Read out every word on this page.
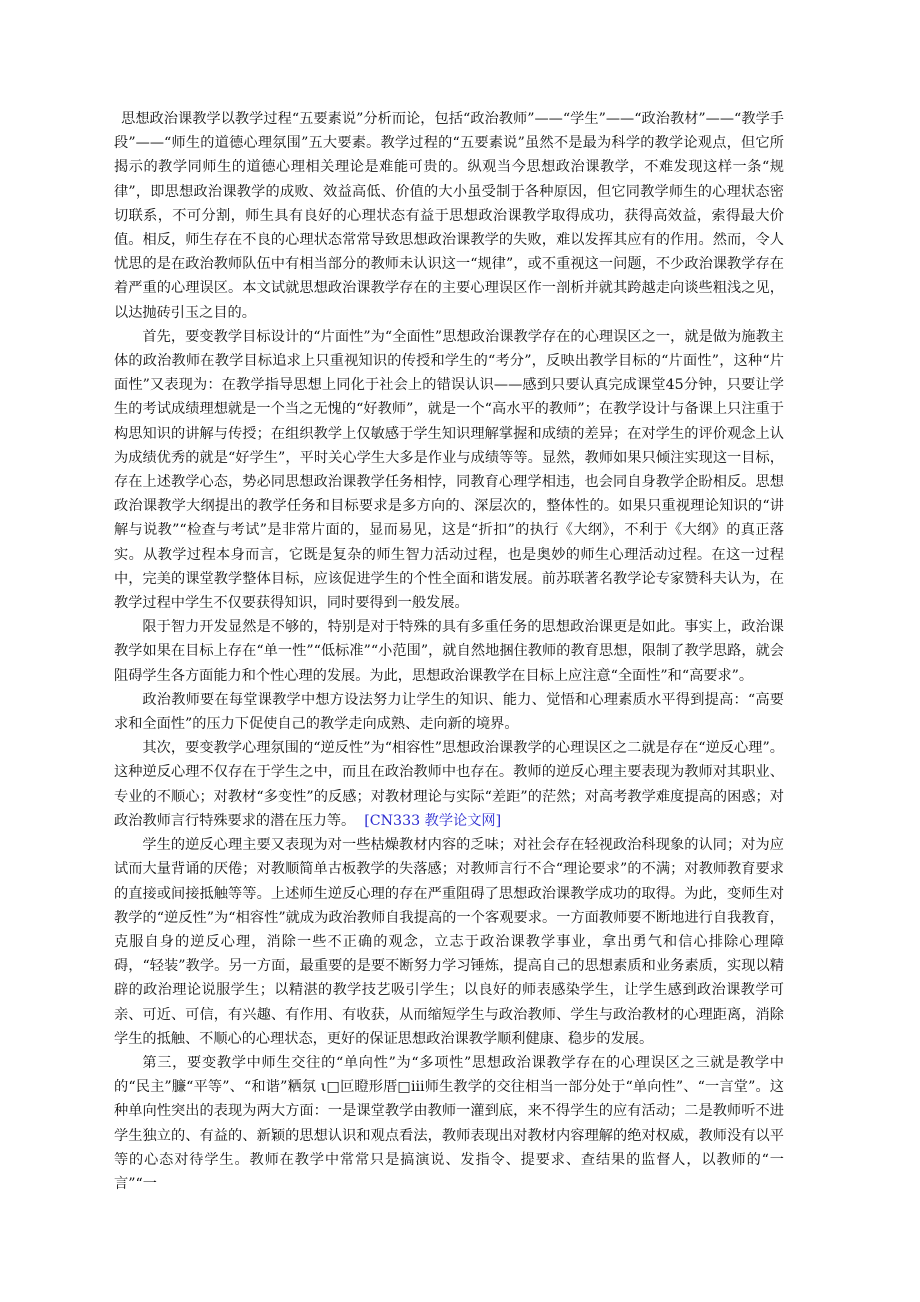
思想政治课教学以教学过程“五要素说”分析而论，包括“政治教师”——“学生”——“政治教材”——“教学手段”——“师生的道德心理氛围”五大要素。教学过程的“五要素说”虽然不是最为科学的教学论观点，但它所揭示的教学同师生的道德心理相关理论是难能可贵的。纵观当今思想政治课教学，不难发现这样一条“规律”，即思想政治课教学的成败、效益高低、价值的大小虽受制于各种原因，但它同教学师生的心理状态密切联系，不可分割，师生具有良好的心理状态有益于思想政治课教学取得成功，获得高效益，索得最大价值。相反，师生存在不良的心理状态常常导致思想政治课教学的失败，难以发挥其应有的作用。然而，令人忧思的是在政治教师队伍中有相当部分的教师未认识这一“规律”，或不重视这一问题，不少政治课教学存在着严重的心理误区。本文试就思想政治课教学存在的主要心理误区作一剖析并就其跨越走向谈些粗浅之见，以达抛砖引玉之目的。

首先，要变教学目标设计的“片面性”为“全面性”思想政治课教学存在的心理误区之一，就是做为施教主体的政治教师在教学目标追求上只重视知识的传授和学生的“考分”，反映出教学目标的“片面性”，这种“片面性”又表现为：在教学指导思想上同化于社会上的错误认识——感到只要认真完成课堂45分钟，只要让学生的考试成绩理想就是一个当之无愧的“好教师”，就是一个“高水平的教师”；在教学设计与备课上只注重于构思知识的讲解与传授；在组织教学上仅敏感于学生知识理解掌握和成绩的差异；在对学生的评价观念上认为成绩优秀的就是“好学生”，平时关心学生大多是作业与成绩等等。显然，教师如果只倾注实现这一目标，存在上述教学心态，势必同思想政治课教学任务相悖，同教育心理学相违，也会同自身教学企盼相反。思想政治课教学大纲提出的教学任务和目标要求是多方向的、深层次的，整体性的。如果只重视理论知识的“讲解与说教”“检查与考试”是非常片面的，显而易见，这是“折扣”的执行《大纲》，不利于《大纲》的真正落实。从教学过程本身而言，它既是复杂的师生智力活动过程，也是奥妙的师生心理活动过程。在这一过程中，完美的课堂教学整体目标，应该促进学生的个性全面和谐发展。前苏联著名教学论专家赞科夫认为，在教学过程中学生不仅要获得知识，同时要得到一般发展。

限于智力开发显然是不够的，特别是对于特殊的具有多重任务的思想政治课更是如此。事实上，政治课教学如果在目标上存在“单一性”“低标准”“小范围”，就自然地捆住教师的教育思想，限制了教学思路，就会阻碍学生各方面能力和个性心理的发展。为此，思想政治课教学在目标上应注意“全面性”和“高要求”。

政治教师要在每堂课教学中想方设法努力让学生的知识、能力、觉悟和心理素质水平得到提高：“高要求和全面性”的压力下促使自己的教学走向成熟、走向新的境界。

其次，要变教学心理氛围的“逆反性”为“相容性”思想政治课教学的心理误区之二就是存在“逆反心理”。这种逆反心理不仅存在于学生之中，而且在政治教师中也存在。教师的逆反心理主要表现为教师对其职业、专业的不顺心；对教材“多变性”的反感；对教材理论与实际“差距”的茫然；对高考教学难度提高的困惑；对政治教师言行特殊要求的潜在压力等。 [CN333 教学论文网]

学生的逆反心理主要又表现为对一些枯燥教材内容的乏味；对社会存在轻视政治科现象的认同；对为应试而大量背诵的厌倦；对教顺简单古板教学的失落感；对教师言行不合“理论要求”的不满；对教师教育要求的直接或间接抵触等等。上述师生逆反心理的存在严重阻碍了思想政治课教学成功的取得。为此，变师生对教学的“逆反性”为“相容性”就成为政治教师自我提高的一个客观要求。一方面教师要不断地进行自我教育，克服自身的逆反心理，消除一些不正确的观念，立志于政治课教学事业，拿出勇气和信心排除心理障碍，“轻装”教学。另一方面，最重要的是要不断努力学习锤炼，提高自己的思想素质和业务素质，实现以精辟的政治理论说服学生；以精湛的教学技艺吸引学生；以良好的师表感染学生，让学生感到政治课教学可亲、可近、可信，有兴趣、有作用、有收获，从而缩短学生与政治教师、学生与政治教材的心理距离，消除学生的抵触、不顺心的心理状态，更好的保证思想政治课教学顺利健康、稳步的发展。

第三，要变教学中师生交往的“单向性”为“多项性”思想政治课教学存在的心理误区之三就是教学中的“民主”臁“平等”、“和谐”粞氛 ι□叵瞪形厝□iii师生教学的交往相当一部分处于“单向性”、“一言堂”。这种单向性突出的表现为两大方面：一是课堂教学由教师一灌到底，来不得学生的应有活动；二是教师听不进学生独立的、有益的、新颖的思想认识和观点看法，教师表现出对教材内容理解的绝对权威，教师没有以平等的心态对待学生。教师在教学中常常只是搞演说、发指令、提要求、查结果的监督人，以教师的“一言”“一
